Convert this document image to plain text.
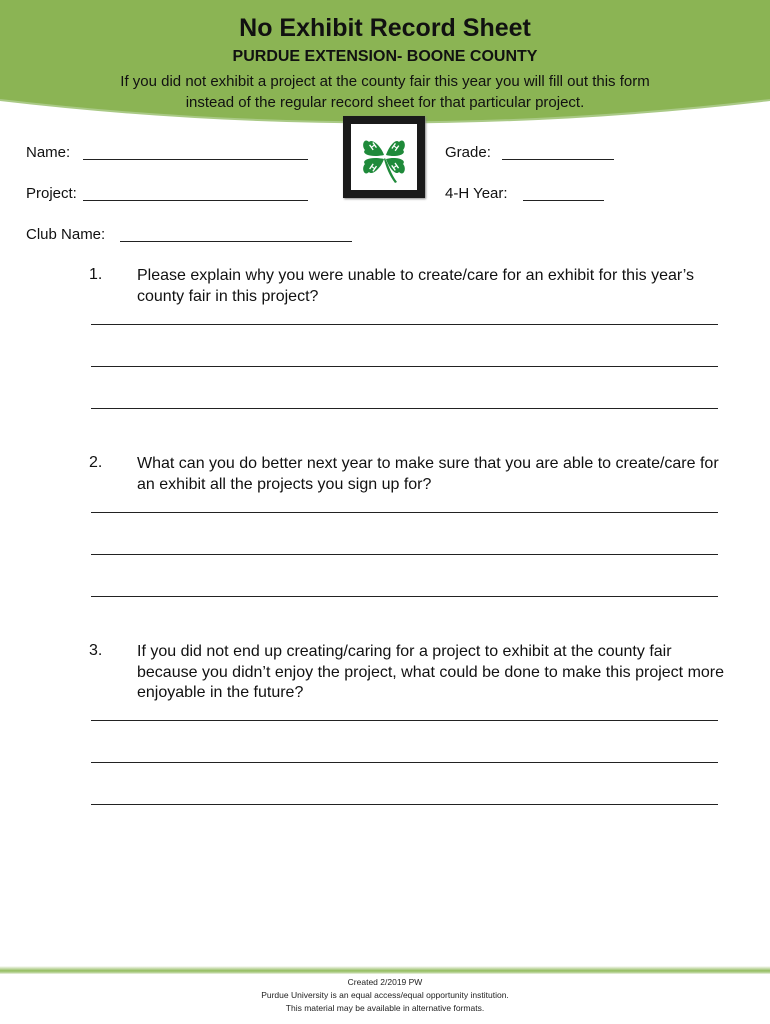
No Exhibit Record Sheet
PURDUE EXTENSION- BOONE COUNTY
If you did not exhibit a project at the county fair this year you will fill out this form instead of the regular record sheet for that particular project.
H H
H H
Name:
Project:
Club Name:
Grade:
4-H Year:
1. Please explain why you were unable to create/care for an exhibit for this year’s county fair in this project?
2. What can you do better next year to make sure that you are able to create/care for an exhibit all the projects you sign up for?
3. If you did not end up creating/caring for a project to exhibit at the county fair because you didn’t enjoy the project, what could be done to make this project more enjoyable in the future?
Created 2/2019 PW
Purdue University is an equal access/equal opportunity institution.
This material may be available in alternative formats.
